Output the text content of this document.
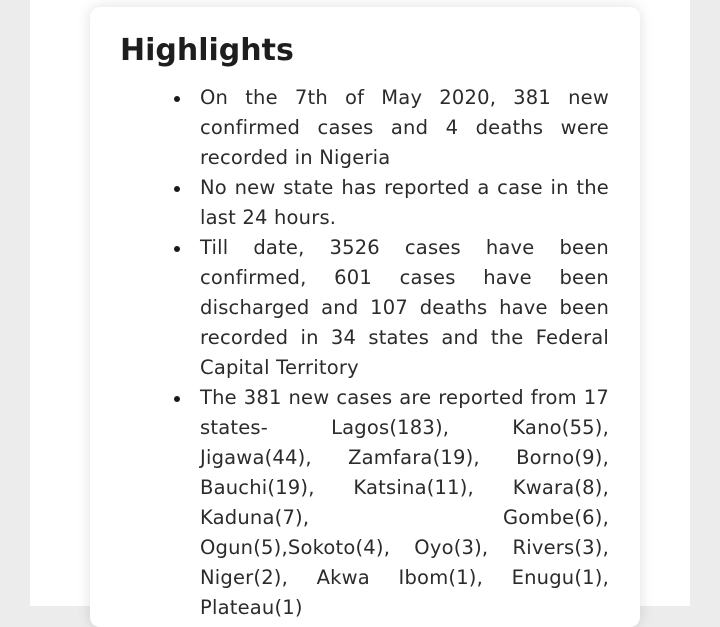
Highlights
On the 7th of May 2020, 381 new confirmed cases and 4 deaths were recorded in Nigeria
No new state has reported a case in the last 24 hours.
Till date, 3526 cases have been confirmed, 601 cases have been discharged and 107 deaths have been recorded in 34 states and the Federal Capital Territory
The 381 new cases are reported from 17 states- Lagos(183), Kano(55), Jigawa(44), Zamfara(19), Borno(9), Bauchi(19), Katsina(11), Kwara(8), Kaduna(7), Gombe(6), Ogun(5),Sokoto(4), Oyo(3), Rivers(3), Niger(2), Akwa Ibom(1), Enugu(1), Plateau(1)
